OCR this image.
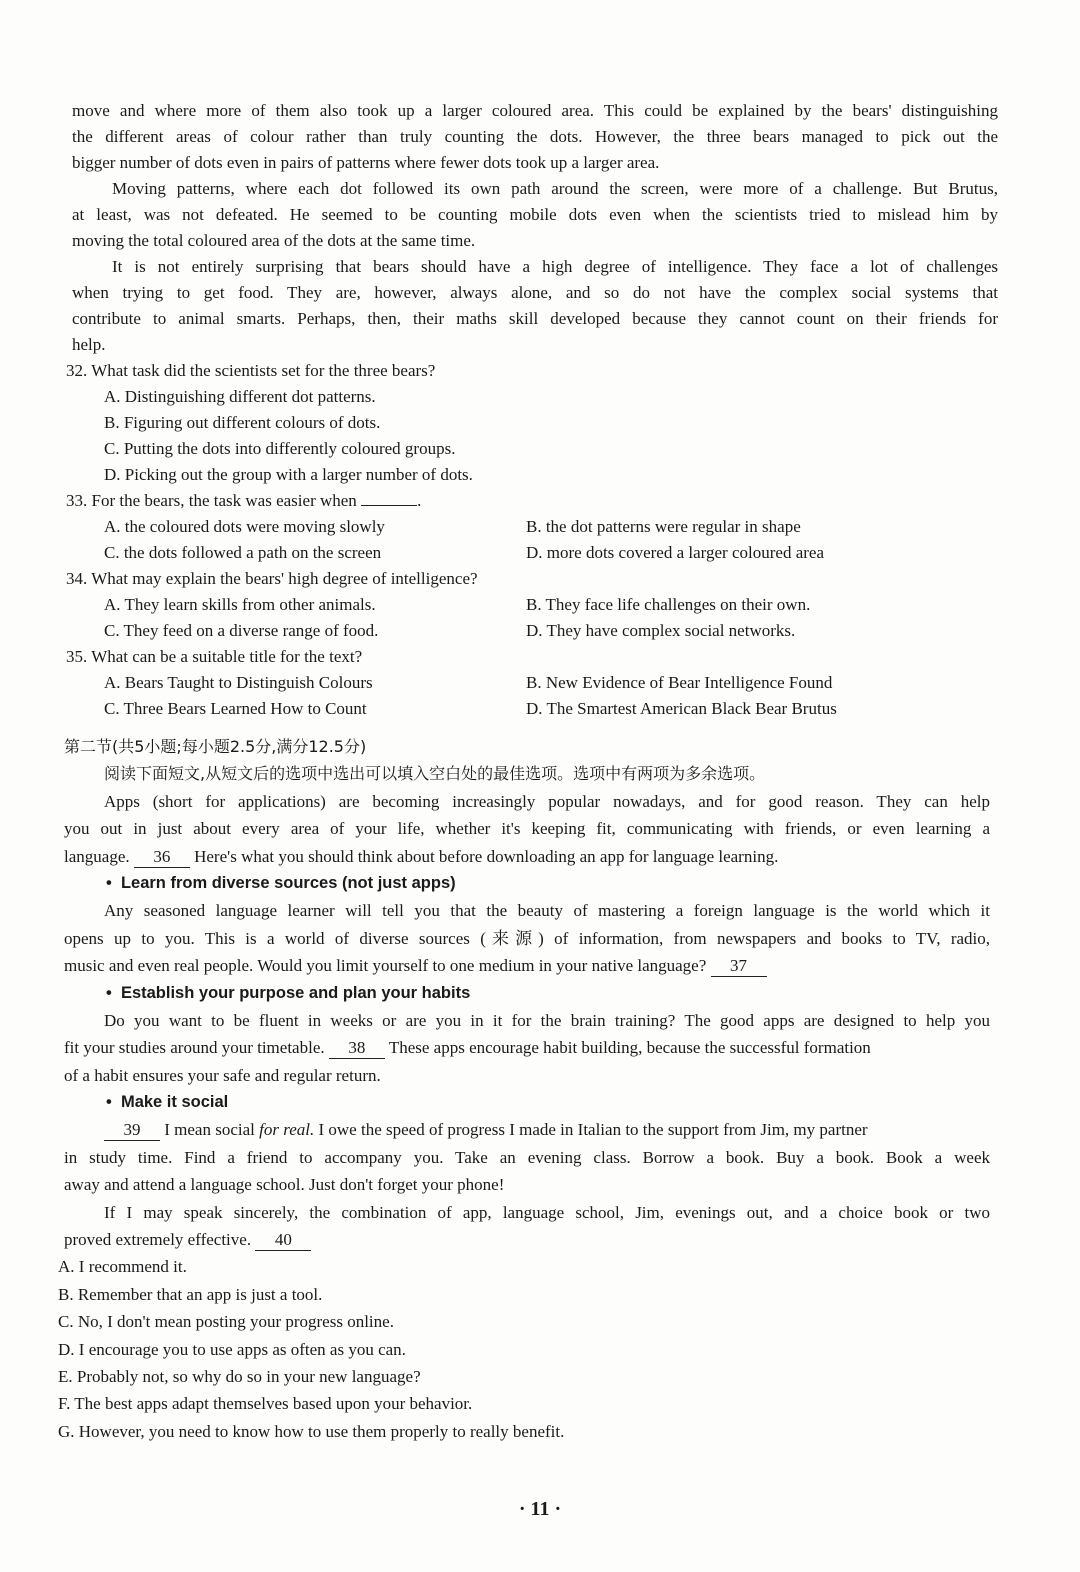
move and where more of them also took up a larger coloured area. This could be explained by the bears' distinguishing
the different areas of colour rather than truly counting the dots. However, the three bears managed to pick out the
bigger number of dots even in pairs of patterns where fewer dots took up a larger area.
Moving patterns, where each dot followed its own path around the screen, were more of a challenge. But Brutus,
at least, was not defeated. He seemed to be counting mobile dots even when the scientists tried to mislead him by
moving the total coloured area of the dots at the same time.
It is not entirely surprising that bears should have a high degree of intelligence. They face a lot of challenges
when trying to get food. They are, however, always alone, and so do not have the complex social systems that
contribute to animal smarts. Perhaps, then, their maths skill developed because they cannot count on their friends for
help.
32. What task did the scientists set for the three bears?
A. Distinguishing different dot patterns.
B. Figuring out different colours of dots.
C. Putting the dots into differently coloured groups.
D. Picking out the group with a larger number of dots.
33. For the bears, the task was easier when	.
A. the coloured dots were moving slowly	B. the dot patterns were regular in shape
C. the dots followed a path on the screen	D. more dots covered a larger coloured area
34. What may explain the bears' high degree of intelligence?
A. They learn skills from other animals.	B. They face life challenges on their own.
C. They feed on a diverse range of food.	D. They have complex social networks.
35. What can be a suitable title for the text?
A. Bears Taught to Distinguish Colours	B. New Evidence of Bear Intelligence Found
C. Three Bears Learned How to Count	D. The Smartest American Black Bear Brutus
第二节(共5小题;每小题2.5分,满分12.5分)
阅读下面短文,从短文后的选项中选出可以填入空白处的最佳选项。选项中有两项为多余选项。
Apps (short for applications) are becoming increasingly popular nowadays, and for good reason. They can help
you out in just about every area of your life, whether it's keeping fit, communicating with friends, or even learning a
language. 36 Here's what you should think about before downloading an app for language learning.
•  Learn from diverse sources (not just apps)
Any seasoned language learner will tell you that the beauty of mastering a foreign language is the world which it
opens up to you. This is a world of diverse sources (来源) of information, from newspapers and books to TV, radio,
music and even real people. Would you limit yourself to one medium in your native language? 37
•  Establish your purpose and plan your habits
Do you want to be fluent in weeks or are you in it for the brain training? The good apps are designed to help you
fit your studies around your timetable. 38 These apps encourage habit building, because the successful formation
of a habit ensures your safe and regular return.
•  Make it social
39 I mean social for real. I owe the speed of progress I made in Italian to the support from Jim, my partner
in study time. Find a friend to accompany you. Take an evening class. Borrow a book. Buy a book. Book a week
away and attend a language school. Just don't forget your phone!
If I may speak sincerely, the combination of app, language school, Jim, evenings out, and a choice book or two
proved extremely effective. 40
A. I recommend it.
B. Remember that an app is just a tool.
C. No, I don't mean posting your progress online.
D. I encourage you to use apps as often as you can.
E. Probably not, so why do so in your new language?
F. The best apps adapt themselves based upon your behavior.
G. However, you need to know how to use them properly to really benefit.
· 11 ·
